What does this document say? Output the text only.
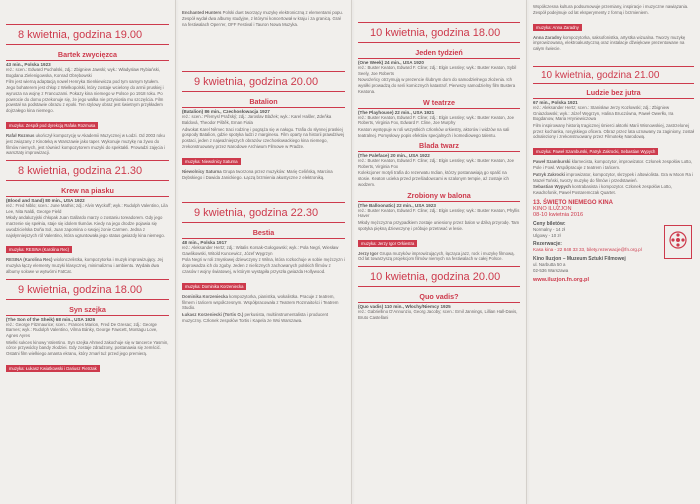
8 kwietnia, godzina 19.00
Bartek zwycięzca
43 min., Polska 1923
reż.: scen.: Edward Puchalski, zdj.: Zbigniew Jawski; wyk.: Władysław Rybiański, Bogdana Zielenigowska, Konrad Obrębowski
Film jest wierną adaptacją nowel Henryka Sienkiewicza pod tym samym tytułem. Jego bohaterem jest chłop z Wielkopolski, który zostaje wcielony do armii pruskiej i wyrusza na wojnę z Francuzami. Pokazy kina niemego w Polsce po 1918 roku. Po powrocie do domu przekonuje się, że jego walka nie przyniosła mu szczęścia. Film powstał na podstawie obrazu z epoki. Ten stylowy obraz jest świetnym przykładem dojrzałego kina niemego.
muzyka: Zespół pod dyrekcją Rafała Rozmusa
Rafał Rozmus ukończył kompozycję w Akademii Muzycznej w Łodzi. Od 2003 roku jest związany z Kinoteką w Warszawie jako taper. Wykonuje muzykę na żywo do filmów niemych, jest również kompozytorem muzyki do spektakli. Prowadzi zajęcia i warsztaty improwizacji.
8 kwietnia, godzina 21.30
Krew na piasku
(Blood and Sand) 80 min., USA 1922
reż.: Fred Niblo; scen.: June Mathis; zdj.: Alvin Wyckoff; wyk.: Rudolph Valentino, Lila Lee, Nita Naldi, George Field
Młody andaluzyjski chłopak Juan Gallardo marzy o zostaniu toreadorem. Gdy jego marzenie się spełnia, staje się idolem tłumów. Kiedy na jego drodze pojawia się uwodzicielska Doña Sol, Juan zapomina o swojej żonie Carmen. Jedna z najsłynniejszych ról Valentino, która ugruntowała jego status gwiazdy kina niemego.
muzyka: RESINA (Karolina Rec)
RESINA (Karolina Rec) wiolonczelistka, kompozytorka i muzyk improwizujący. Jej muzyka łączy elementy muzyki klasycznej, minimalizmu i ambientu. Wydała dwa albumy solowe w wytwórni FatCat.
9 kwietnia, godzina 18.00
Syn szejka
(The Son of the Sheik) 68 min., USA 1926
reż.: George Fitzmaurice; scen.: Frances Marion, Fred De Gresac; zdj.: George Barnes; wyk.: Rudolph Valentino, Vilma Bánky, George Fawcett, Montagu Love, Agnes Ayres
Wielki sukces kinowy Valentino. Syn szejka Ahmed zakochuje się w tancerce Yasmin, córce przywódcy bandy złodziei. Gdy zostaje zdradzony, postanawia się zemścić. Ostatni film wielkiego amanta ekranu, który zmarł tuż przed jego premierą.
muzyka: Łukasz Kwiatkowski i Dariusz Pietrzak
Enchanted Hunters Polski duet tworzący muzykę elektroniczną z elementami popu. Zespół wydał dwa albumy studyjne, z którymi koncertował w kraju i za granicą. Grał na festiwalach Open'er, OFF Festival i Tauron Nowa Muzyka.
9 kwietnia, godzina 20.00
Batalion
(Batalion) 86 min., Czechosłowacja 1927
reż.: scen.: Přemysl Pražský; zdj.: Jaroslav Blažek; wyk.: Karel Hašler, Zdeňka Baldová, Theodor Pištěk, Eman Fiala
Adwokat Karel Němec traci rodzinę i pogrąża się w nałogu. Trafia do słynnej praskiej gospody Batalion, gdzie spotyka ludzi z marginesu. Film oparty na historii prawdziwej postaci, jeden z najważniejszych obrazów czechosłowackiego kina niemego, zrekonstruowany przez Narodowe Archiwum Filmowe w Pradze.
muzyka: Niewolnicy Saturna
Niewolnicy Saturna Grupa tworzona przez muzyków: Marię Celińską, Marcina Dębskiego i Dawida Janickiego. Łączą brzmienia akustyczne z elektroniką.
9 kwietnia, godzina 22.30
Bestia
48 min., Polska 1917
reż.: Aleksander Hertz; zdj.: Witalis Korsak-Gołogowski; wyk.: Pola Negri, Wiesław Gawlikowski, Witold Kuncewicz, Józef Węgrzyn
Pola Negri w roli zmysłowej dziewczyny z Wilna, która rozkochuje w sobie mężczyzn i doprowadza ich do zguby. Jeden z nielicznych zachowanych polskich filmów z czasów I wojny światowej, w którym wystąpiła przyszła gwiazda Hollywood.
muzyka: Dominika Korzeniecka
Dominika Korzeniecka kompozytorka, pianistka, wokalistka. Pracuje z teatrem, filmem i tańcem współczesnym. Współpracowała z Teatrem Rozmaitości i Teatrem Studio.
Łukasz Korzeniecki (Tortis O.) perkusista, multiinstrumentalista i producent muzyczny. Członek zespołów Tortis i Kapela ze Wsi Warszawa.
10 kwietnia, godzina 18.00
Jeden tydzień
(One Week) 24 min., USA 1920
reż.: Buster Keaton, Edward F. Cline; zdj.: Elgin Lessley; wyk.: Buster Keaton, Sybil Seely, Joe Roberts
Nowożeńcy otrzymują w prezencie ślubnym dom do samodzielnego złożenia. Ich wysiłki prowadzą do serii komicznych katastrof. Pierwszy samodzielny film Bustera Keatona.
W teatrze
(The Playhouse) 22 min., USA 1921
reż.: Buster Keaton, Edward F. Cline; zdj.: Elgin Lessley; wyk.: Buster Keaton, Joe Roberts, Virginia Fox, Edward F. Cline, Joe Murphy
Keaton występuje w roli wszystkich członków orkiestry, aktorów i widzów na sali teatralnej. Pomysłowy popis efektów specjalnych i komediowego talentu.
Blada twarz
(The Paleface) 20 min., USA 1922
reż.: Buster Keaton, Edward F. Cline; zdj.: Elgin Lessley; wyk.: Buster Keaton, Joe Roberts, Virginia Fox
Kolekcjoner motyli trafia do rezerwatu Indian, którzy postanawiają go spalić na stosie. Keaton ucieka przed prześladowcami w szalonym tempie, aż zostaje ich wodzem.
Zrobiony w balona
(The Balloonatic) 22 min., USA 1923
reż.: Buster Keaton, Edward F. Cline; zdj.: Elgin Lessley; wyk.: Buster Keaton, Phyllis Haver
Młody mężczyzna przypadkiem zostaje uniesiony przez balon w dziką przyrodę. Tam spotyka piękną dziewczynę i próbuje przetrwać w lesie.
muzyka: Jerzy Igor Orkiestra
Jerzy Igor Grupa muzyków improwizujących, łącząca jazz, rock i muzykę filmową. Od lat towarzyszą projekcjom filmów niemych na festiwalach w całej Polsce.
10 kwietnia, godzina 20.00
Quo vadis?
(Quo vadis) 110 min., Włochy/Niemcy 1925
reż.: Gabriellino D'Annunzio, Georg Jacoby; scen.: Emil Jannings, Lillian Hall-Davis, Bruto Castellani
Współczesna kultura podsumowuje przemiany, inspiracje i muzyczne nawiązania. Zespół podejmuje od lat eksperymenty z formą i brzmieniem.
muzyka: Anna Zaradny
Anna Zaradny kompozytorka, saksofonistka, artystka wizualna. Tworzy muzykę improwizowaną, elektroakustyczną oraz instalacje dźwiękowe prezentowane na całym świecie.
10 kwietnia, godzina 21.00
Ludzie bez jutra
67 min., Polska 1921
reż.: Aleksander Hertz; scen.: Stanisław Jerzy Kozłowski; zdj.: Zbigniew Gniazdowski; wyk.: Józef Węgrzyn, Halina Bruczówna, Paweł Owerłło, Ira Bogdanow, Maria Hryniewiczowa
Film inspirowany historią tragicznej śmierci aktorki Marii Wisnowskiej, zastrzelonej przez kochanka, rosyjskiego oficera. Obraz przez lata uznawany za zaginiony, został odnaleziony i zrekonstruowany przez Filmotekę Narodową.
muzyka: Paweł Szamburski, Patryk Zakrocki, Sebastian Wypych
Paweł Szamburski klarnecista, kompozytor, improwizator. Członek zespołów Lotto, Pole i Fowl. Współpracuje z teatrem i tańcem.
Patryk Zakrocki improwizator, kompozytor, skrzypek i altowiolista. Gra w Moon Ra i Mazeł Toński, tworzy muzykę do filmów i przedstawień.
Sebastian Wypych kontrabasista i kompozytor. Członek zespołów Lotto, Kwadrofonik, Paweł Postaremczak Quartet.
13. ŚWIĘTO NIEMEGO KINA
KINO ILUZJON
08-10 kwietnia 2016
Ceny biletów:
Normalny - 14 zł
Ulgowy - 10 zł
Rezerwacje:
Kasa kina - 22 848 33 33, bilety.rezerwacje@fn.org.pl
Kino Iluzjon – Muzeum Sztuki Filmowej
ul. Narbutta 50 a
02-536 Warszawa
www.iluzjon.fn.org.pl
